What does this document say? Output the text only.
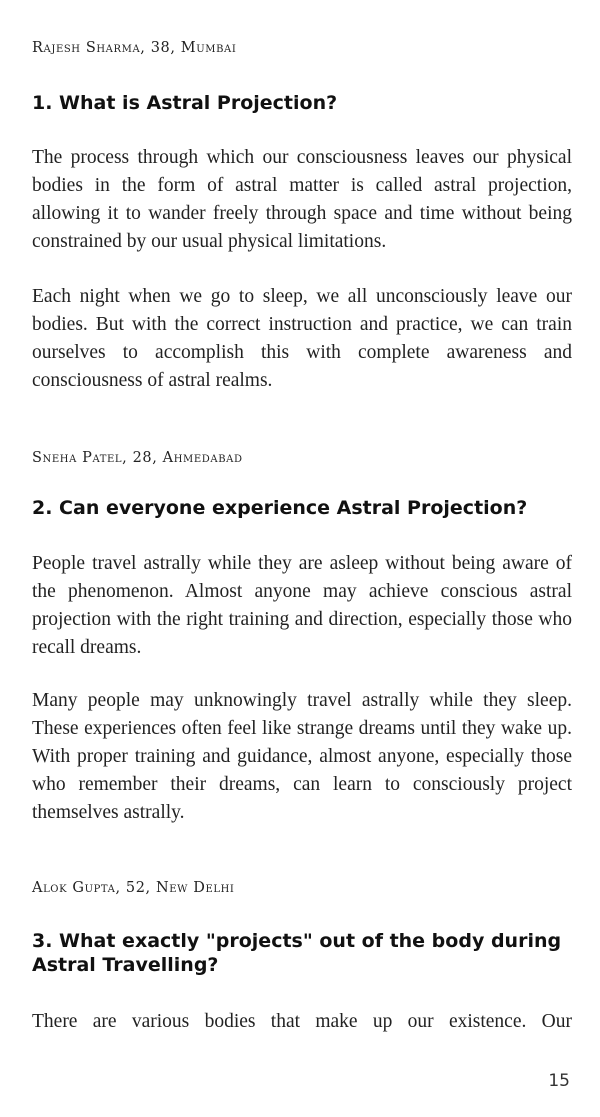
Rajesh Sharma, 38, Mumbai
1. What is Astral Projection?

The process through which our consciousness leaves our physical bodies in the form of astral matter is called astral projection, allowing it to wander freely through space and time without being constrained by our usual physical limitations.

Each night when we go to sleep, we all unconsciously leave our bodies. But with the correct instruction and practice, we can train ourselves to accomplish this with complete awareness and consciousness of astral realms.

Sneha Patel, 28, Ahmedabad
2. Can everyone experience Astral Projection?

People travel astrally while they are asleep without being aware of the phenomenon. Almost anyone may achieve conscious astral projection with the right training and direction, especially those who recall dreams.

Many people may unknowingly travel astrally while they sleep. These experiences often feel like strange dreams until they wake up. With proper training and guidance, almost anyone, especially those who remember their dreams, can learn to consciously project themselves astrally.

Alok Gupta, 52, New Delhi
3. What exactly "projects" out of the body during Astral Travelling?

There are various bodies that make up our existence. Our

15
